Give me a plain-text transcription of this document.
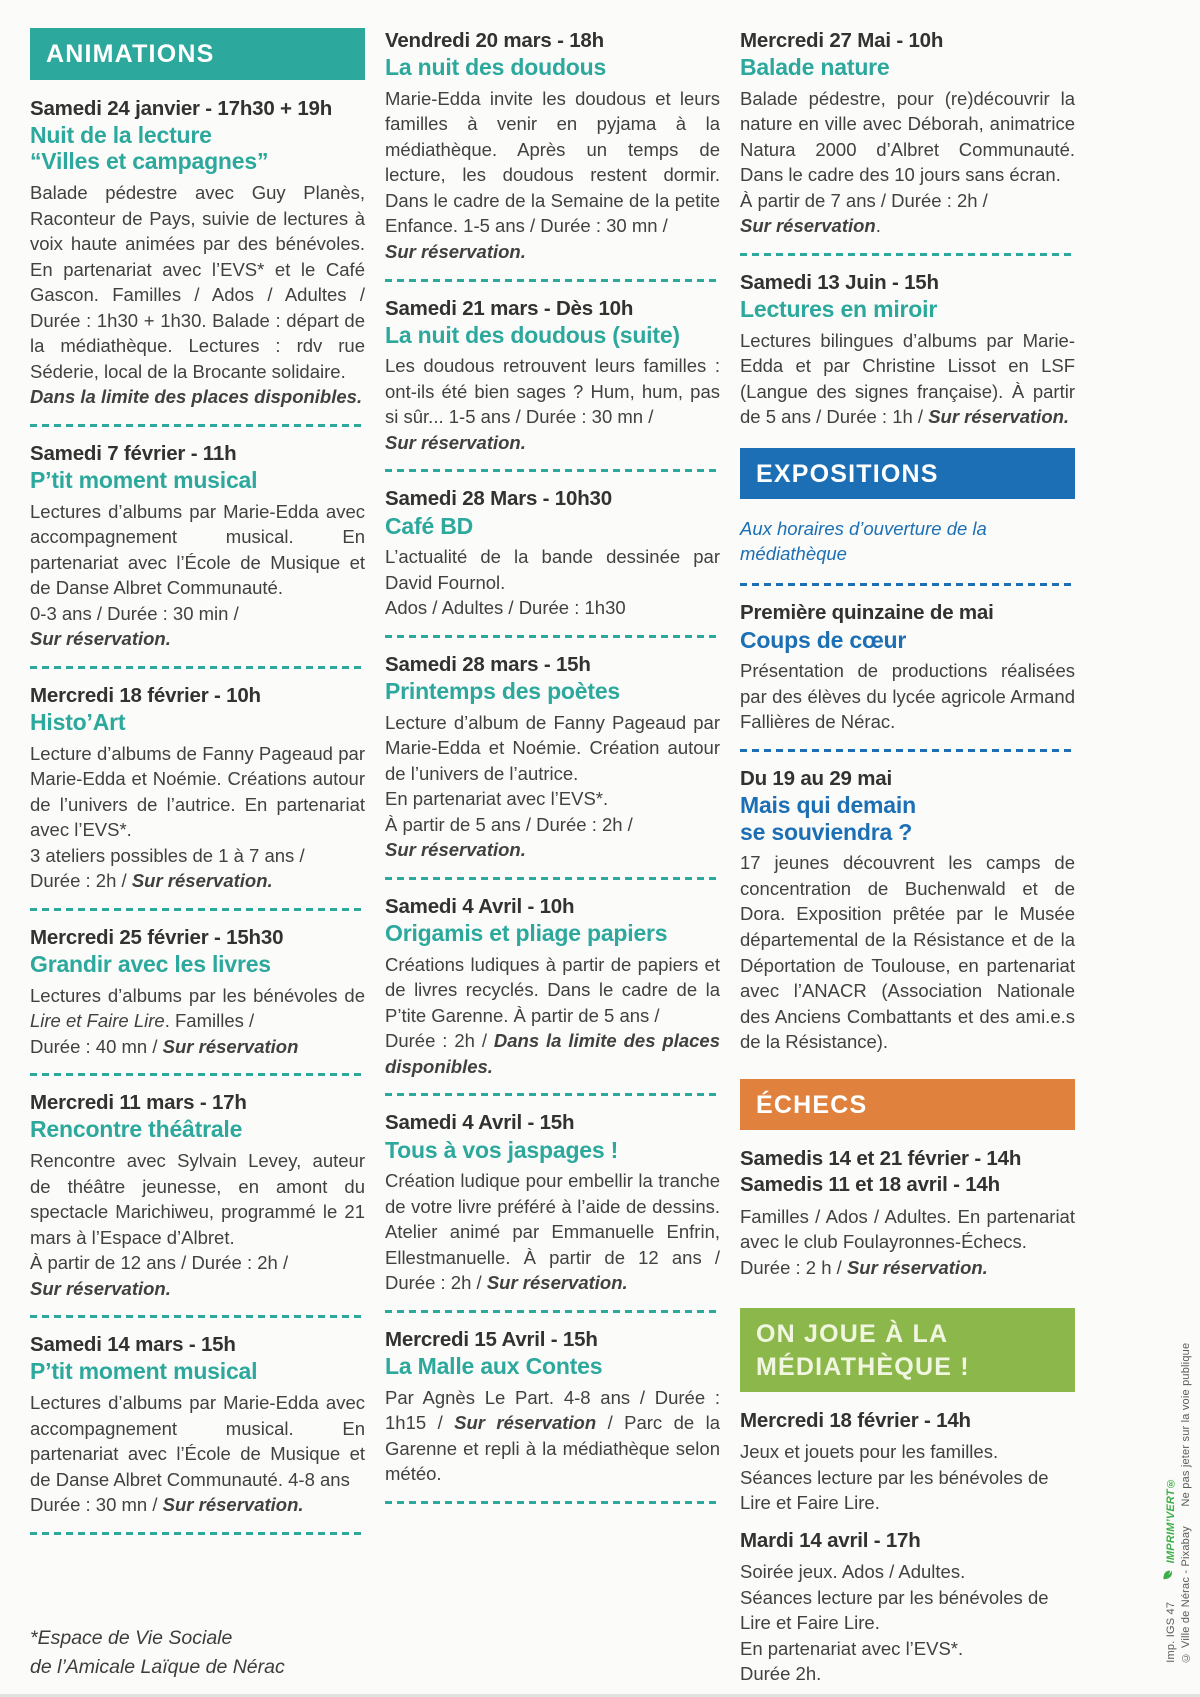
ANIMATIONS
Samedi 24 janvier - 17h30 + 19h
Nuit de la lecture
“Villes et campagnes”

Balade pédestre avec Guy Planès, Raconteur de Pays, suivie de lectures à voix haute animées par des bénévoles. En partenariat avec l’EVS* et le Café Gascon. Familles / Ados / Adultes / Durée : 1h30 + 1h30. Balade : départ de la médiathèque. Lectures : rdv rue Séderie, local de la Brocante solidaire.

Dans la limite des places disponibles.

Samedi 7 février - 11h
P’tit moment musical

Lectures d’albums par Marie-Edda avec accompagnement musical. En partenariat avec l’École de Musique et de Danse Albret Communauté.

0-3 ans / Durée : 30 min /

Sur réservation.

Mercredi 18 février - 10h
Histo’Art

Lecture d’albums de Fanny Pageaud par Marie-Edda et Noémie. Créations autour de l’univers de l’autrice. En partenariat avec l’EVS*.

3 ateliers possibles de 1 à 7 ans /

Durée : 2h / Sur réservation.

Mercredi 25 février - 15h30
Grandir avec les livres

Lectures d’albums par les bénévoles de Lire et Faire Lire. Familles /

Durée : 40 mn / Sur réservation

Mercredi 11 mars - 17h
Rencontre théâtrale

Rencontre avec Sylvain Levey, auteur de théâtre jeunesse, en amont du spectacle Marichiweu, programmé le 21 mars à l’Espace d’Albret.

À partir de 12 ans / Durée : 2h /

Sur réservation.

Samedi 14 mars - 15h
P’tit moment musical

Lectures d’albums par Marie-Edda avec accompagnement musical. En partenariat avec l’École de Musique et de Danse Albret Communauté. 4-8 ans

Durée : 30 mn / Sur réservation.

*Espace de Vie Sociale
de l’Amicale Laïque de Nérac
Vendredi 20 mars - 18h
La nuit des doudous

Marie-Edda invite les doudous et leurs familles à venir en pyjama à la médiathèque. Après un temps de lecture, les doudous restent dormir. Dans le cadre de la Semaine de la petite Enfance. 1-5 ans / Durée : 30 mn /

Sur réservation.

Samedi 21 mars - Dès 10h
La nuit des doudous (suite)

Les doudous retrouvent leurs familles : ont-ils été bien sages ? Hum, hum, pas si sûr... 1-5 ans / Durée : 30 mn /

Sur réservation.

Samedi 28 Mars - 10h30
Café BD

L’actualité de la bande dessinée par David Fournol.

Ados / Adultes / Durée : 1h30

Samedi 28 mars - 15h
Printemps des poètes

Lecture d’album de Fanny Pageaud par Marie-Edda et Noémie. Création autour de l’univers de l’autrice.

En partenariat avec l’EVS*.

À partir de 5 ans / Durée : 2h /

Sur réservation.

Samedi 4 Avril - 10h
Origamis et pliage papiers

Créations ludiques à partir de papiers et de livres recyclés. Dans le cadre de la P’tite Garenne. À partir de 5 ans /

Durée : 2h / Dans la limite des places disponibles.

Samedi 4 Avril - 15h
Tous à vos jaspages !

Création ludique pour embellir la tranche de votre livre préféré à l’aide de dessins. Atelier animé par Emmanuelle Enfrin, Ellestmanuelle. À partir de 12 ans / Durée : 2h / Sur réservation.

Mercredi 15 Avril - 15h
La Malle aux Contes

Par Agnès Le Part. 4-8 ans / Durée : 1h15 / Sur réservation / Parc de la Garenne et repli à la médiathèque selon météo.

Mercredi 27 Mai - 10h
Balade nature

Balade pédestre, pour (re)découvrir la nature en ville avec Déborah, animatrice Natura 2000 d’Albret Communauté. Dans le cadre des 10 jours sans écran.

À partir de 7 ans / Durée : 2h /

Sur réservation.

Samedi 13 Juin - 15h
Lectures en miroir

Lectures bilingues d’albums par Marie-Edda et par Christine Lissot en LSF (Langue des signes française). À partir de 5 ans / Durée : 1h / Sur réservation.

EXPOSITIONS
Aux horaires d’ouverture de la médiathèque
Première quinzaine de mai
Coups de cœur

Présentation de productions réalisées par des élèves du lycée agricole Armand Fallières de Nérac.

Du 19 au 29 mai
Mais qui demain
se souviendra ?

17 jeunes découvrent les camps de concentration de Buchenwald et de Dora. Exposition prêtée par le Musée départemental de la Résistance et de la Déportation de Toulouse, en partenariat avec l’ANACR (Association Nationale des Anciens Combattants et des ami.e.s de la Résistance).

ÉCHECS
Samedis 14 et 21 février - 14h
Samedis 11 et 18 avril - 14h

Familles / Ados / Adultes. En partenariat avec le club Foulayronnes-Échecs.

Durée : 2 h / Sur réservation.

ON JOUE À LA
MÉDIATHÈQUE !
Mercredi 18 février - 14h

Jeux et jouets pour les familles.

Séances lecture par les bénévoles de Lire et Faire Lire.

Mardi 14 avril - 17h

Soirée jeux. Ados / Adultes.

Séances lecture par les bénévoles de Lire et Faire Lire.

En partenariat avec l’EVS*.

Durée 2h.

Imp. IGS 47  IMPRIM’VERT®
© Ville de Nérac - Pixabay Ne pas jeter sur la voie publique
